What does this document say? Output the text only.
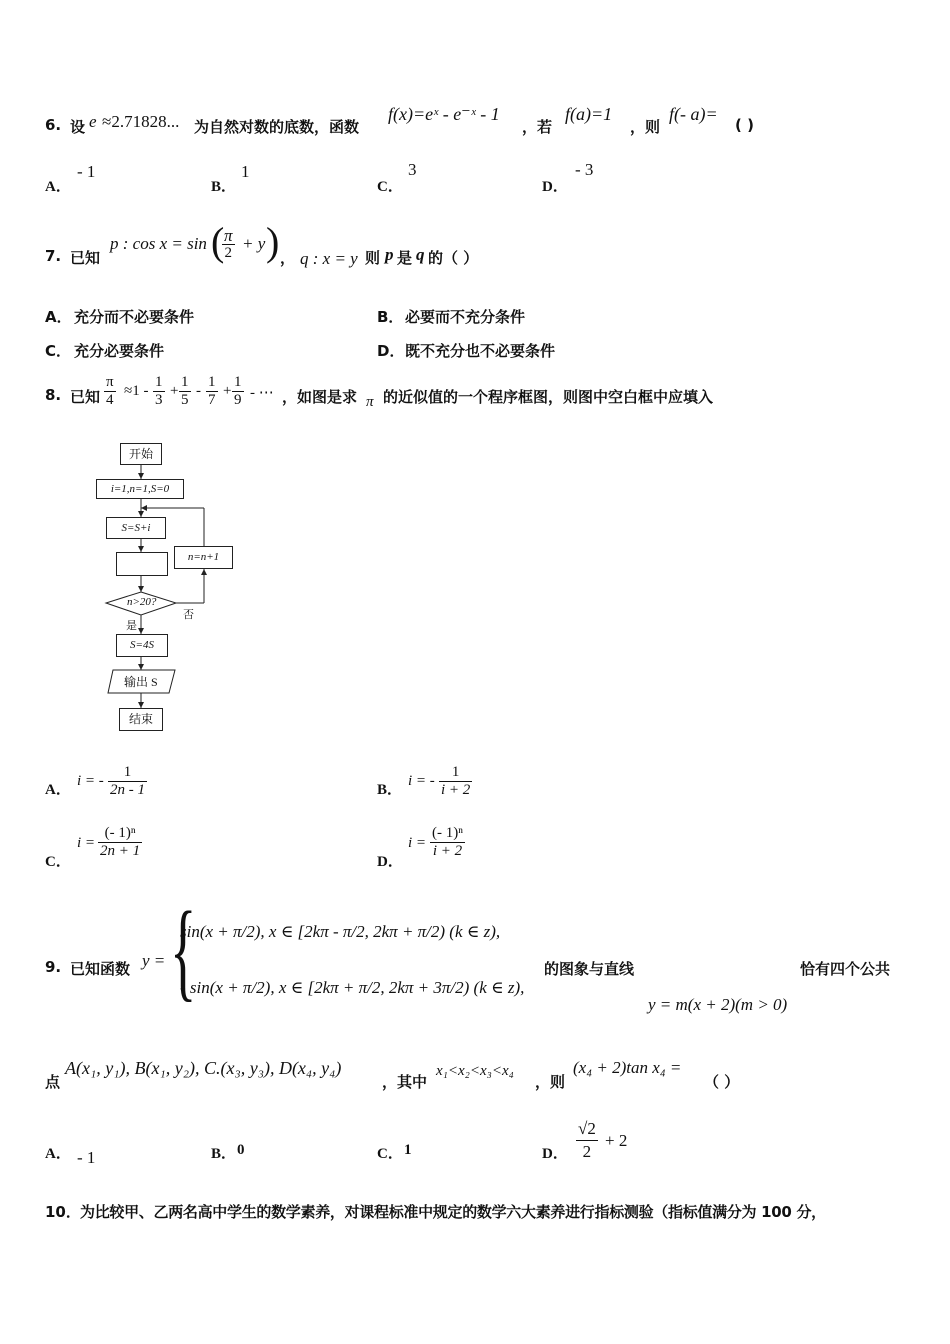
6. 设 e ≈2.71828... 为自然对数的底数，函数
f(x)=eˣ - e⁻ˣ - 1
，若
f(a)=1
，则
f(- a)=
( )
A．
- 1
B．
1
C．
3
D．
- 3
7. 已知
p : cos x = sin (
$\frac{\pi}{2} + y$ ) ， q : x = y 则 p 是 q 的（ ）
A． 充分而不必要条件	B． 必要而不充分条件
C． 充分必要条件	D． 既不充分也不必要条件
8. 已知 $\frac{\pi}{4} \approx 1 - \frac{1}{3} + \frac{1}{5} - \frac{1}{7} + \frac{1}{9}$ - ⋯ ，如图是求 π 的近似值的一个程序框图，则图中空白框中应填入
开始
i=1,n=1,S=0
S=S+i
n=n+1
n>20?
否
是
S=4S
输出 S
结束
A．
i = - $\frac{1}{2n - 1}$	B．
i = - $\frac{1}{i + 2}$
C．
$i = \frac{\text{(- 1)ⁿ}}{2n + 1}$
D．
$i = \frac{\text{(- 1)ⁿ}}{i + 2}$
9. 已知函数 y = {
sin(x + π/2), x ∈ [2kπ - π/2, 2kπ + π/2) (k ∈ z),
- sin(x + π/2), x ∈ [2kπ + π/2, 2kπ + 3π/2) (k ∈ z),
的图象与直线
y = m(x + 2)(m > 0)
恰有四个公共
点
A(x₁, y₁), B(x₁, y₂), C.(x₃, y₃), D(x₄, y₄)
，其中
x₁<x₂<x₃<x₄
，则
(x₄ + 2)tan x₄ =
（ ）
A． - 1	B． 0	C． 1	D． $\frac{√2}{2} + 2$
10． 为比较甲、乙两名高中学生的数学素养，对课程标准中规定的数学六大素养进行指标测验（指标值满分为 100 分，
